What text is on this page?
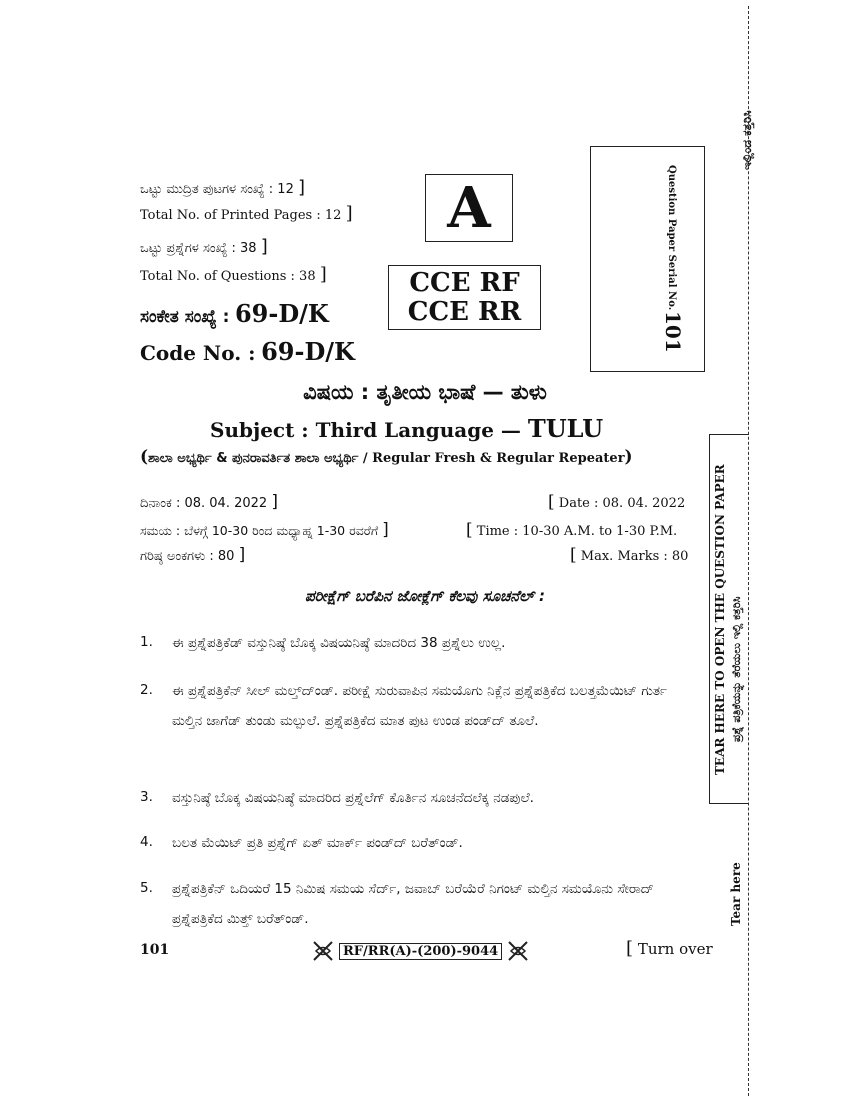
ಒಟ್ಟು ಮುದ್ರಿತ ಪುಟಗಳ ಸಂಖ್ಯೆ : 12 ]
Total No. of Printed Pages : 12 ]
ಒಟ್ಟು ಪ್ರಶ್ನೆಗಳ ಸಂಖ್ಯೆ : 38 ]
Total No. of Questions : 38 ]
ಸಂಕೇತ ಸಂಖ್ಯೆ : 69-D/K
Code No. : 69-D/K
A
CCE RF
CCE RR
Question Paper Serial No.
101
ವಿಷಯ : ತೃತೀಯ ಭಾಷೆ — ತುಳು
Subject : Third Language — TULU
(ಶಾಲಾ ಅಭ್ಯರ್ಥಿ & ಪುನರಾವರ್ತಿತ ಶಾಲಾ ಅಭ್ಯರ್ಥಿ / Regular Fresh & Regular Repeater)
ದಿನಾಂಕ : 08. 04. 2022 ]	[ Date : 08. 04. 2022
ಸಮಯ : ಬೆಳಗ್ಗೆ 10-30 ರಿಂದ ಮಧ್ಯಾಹ್ನ 1-30 ರವರೆಗೆ ]	[ Time : 10-30 A.M. to 1-30 P.M.
ಗರಿಷ್ಠ ಅಂಕಗಳು : 80 ]	[ Max. Marks : 80
ಪರೀಕ್ಷೆಗ್ ಬರೆಪಿನ ಜೋಕ್ಲೆಗ್ ಕೆಲವು ಸೂಚನೆಲ್ :
1. ಈ ಪ್ರಶ್ನೆಪತ್ರಿಕೆಡ್ ವಸ್ತುನಿಷ್ಠೆ ಬೊಕ್ಕ ವಿಷಯನಿಷ್ಠೆ ಮಾದರಿದ 38 ಪ್ರಶ್ನೆಲು ಉಲ್ಲ.
2. ಈ ಪ್ರಶ್ನೆಪತ್ರಿಕೆನ್ ಸೀಲ್ ಮಲ್ತ್‌ದ್‌ಂಡ್. ಪರೀಕ್ಷೆ ಸುರುವಾಪಿನ ಸಮಯೊಗು ನಿಕ್ಲೆನ ಪ್ರಶ್ನೆಪತ್ರಿಕೆದ ಬಲತ್ತಮೆಯಿಟ್ ಗುರ್ತ ಮಲ್ತಿನ ಜಾಗೆಡ್ ತುಂಡು ಮಲ್ಪುಲೆ. ಪ್ರಶ್ನೆಪತ್ರಿಕೆದ ಮಾತ ಪುಟ ಉಂಡ ಪಂಡ್‌ದ್ ತೂಲೆ.
3. ವಸ್ತುನಿಷ್ಠೆ ಬೊಕ್ಕ ವಿಷಯನಿಷ್ಠೆ ಮಾದರಿದ ಪ್ರಶ್ನೆಲೆಗ್ ಕೊರ್ತಿನ ಸೂಚನೆದಲೆಕ್ಕ ನಡಪುಲೆ.
4. ಬಲತ ಮೆಯಿಟ್ ಪ್ರತಿ ಪ್ರಶ್ನೆಗ್ ಏತ್ ಮಾರ್ಕ್ ಪಂಡ್‌ದ್ ಬರೆತ್‌ಂಡ್.
5. ಪ್ರಶ್ನೆಪತ್ರಿಕೆನ್ ಒದಿಯರೆ 15 ನಿಮಿಷ ಸಮಯ ಸೆರ್ದ್, ಜವಾಬ್ ಬರೆಯೆರೆ ನಿಗಂಟ್ ಮಲ್ತಿನ ಸಮಯೊನು ಸೇರಾದ್ ಪ್ರಶ್ನೆಪತ್ರಿಕೆದ ಮಿತ್ತ್ ಬರೆತ್‌ಂಡ್.
101	RF/RR(A)-(200)-9044	[ Turn over
ಇಲ್ಲಿಂದ ಕತ್ತರಿಸಿ
TEAR HERE TO OPEN THE QUESTION PAPER ಪ್ರಶ್ನೆ ಪತ್ರಿಕೆಯನ್ನು ತೆರೆಯಲು ಇಲ್ಲಿ ಕತ್ತರಿಸಿ
Tear here
